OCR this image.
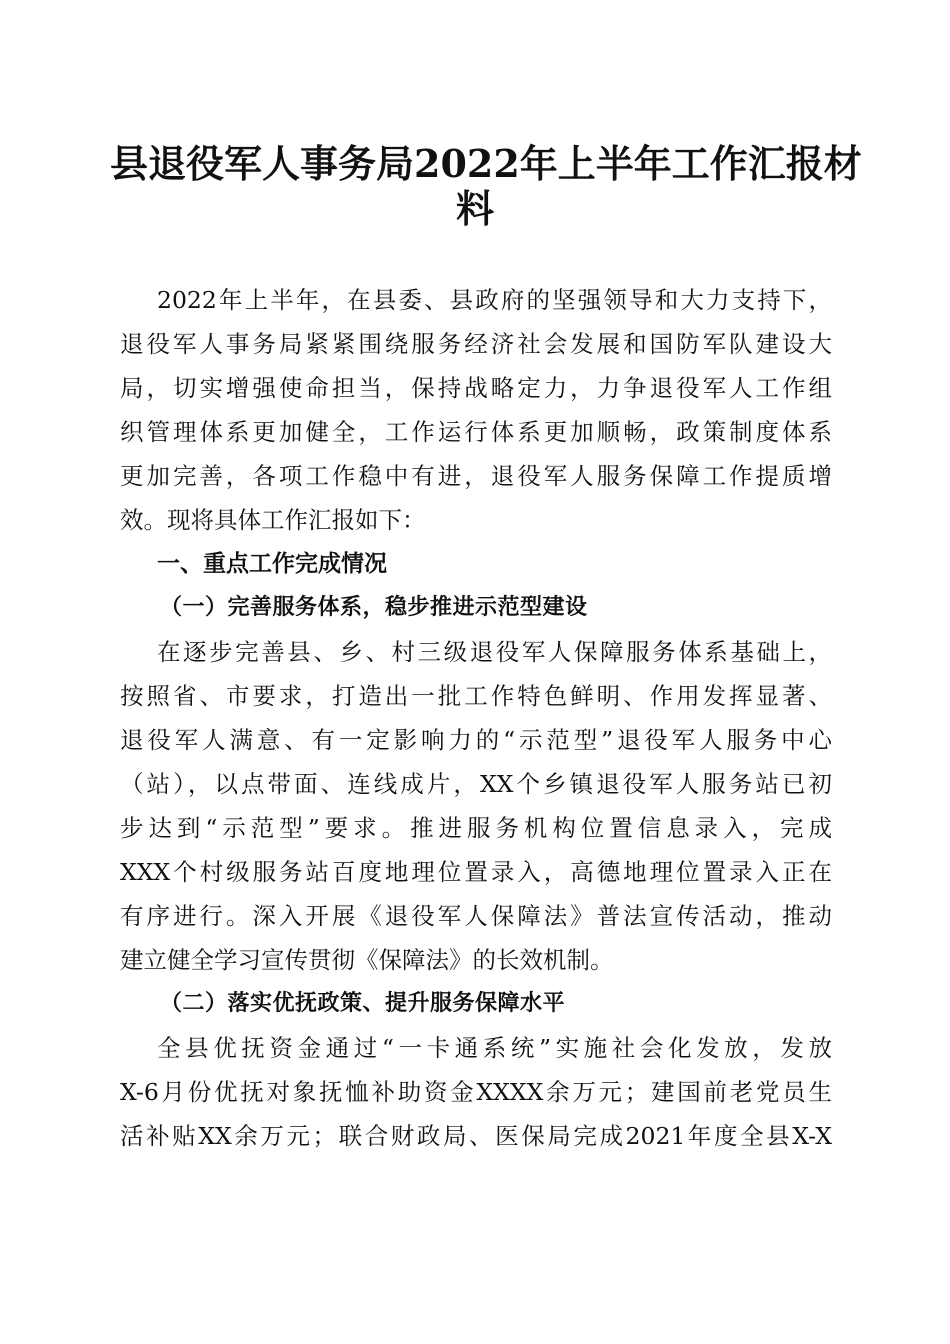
县退役军人事务局2022年上半年工作汇报材
料

2022年上半年，在县委、县政府的坚强领导和大力支持下，

退役军人事务局紧紧围绕服务经济社会发展和国防军队建设大

局，切实增强使命担当，保持战略定力，力争退役军人工作组

织管理体系更加健全，工作运行体系更加顺畅，政策制度体系

更加完善，各项工作稳中有进，退役军人服务保障工作提质增

效。现将具体工作汇报如下：

一、重点工作完成情况
（一）完善服务体系，稳步推进示范型建设

在逐步完善县、乡、村三级退役军人保障服务体系基础上，

按照省、市要求，打造出一批工作特色鲜明、作用发挥显著、

退役军人满意、有一定影响力的“示范型”退役军人服务中心

（站），以点带面、连线成片，XX个乡镇退役军人服务站已初

步达到“示范型”要求。推进服务机构位置信息录入，完成

XXX个村级服务站百度地理位置录入，高德地理位置录入正在

有序进行。深入开展《退役军人保障法》普法宣传活动，推动

建立健全学习宣传贯彻《保障法》的长效机制。

（二）落实优抚政策、提升服务保障水平

全县优抚资金通过“一卡通系统”实施社会化发放，发放

X-6月份优抚对象抚恤补助资金XXXX余万元；建国前老党员生

活补贴XX余万元；联合财政局、医保局完成2021年度全县X-X
